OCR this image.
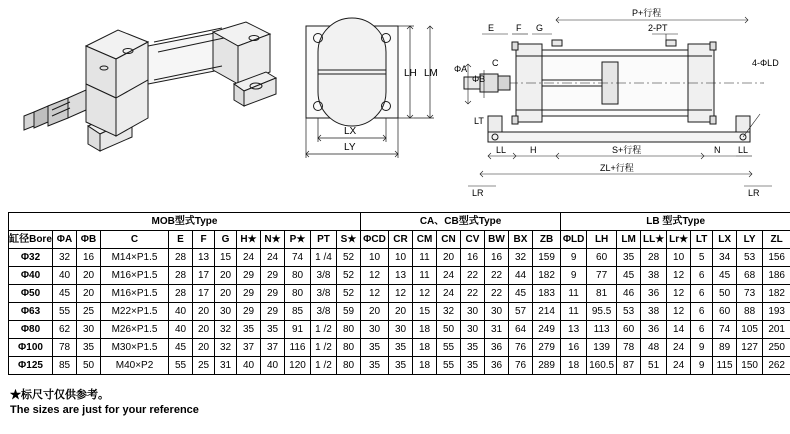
LH LM
LX
LY
P+行程
2-PT
E F G
ΦA
ΦB
C	4-ΦLD
LT
LL	H	S+行程	N LL
LR
ZL+行程
LR
MOB型式Type												CA、CB型式Type								LB 型式Type								
缸径Bore	ΦA	ΦB	C	E	F	G	H★	N★	P★	PT	S★	ΦCD	CR	CM	CN	CV	BW	BX	ZB	ΦLD	LH	LM	LL★	Lr★	LT	LX	LY	ZL
Φ32	32	16	M14×P1.5	28	13	15	24	24	74	1 /4	52	10	10	11	20	16	16	32	159	9	60	35	28	10	5	34	53	156
Φ40	40	20	M16×P1.5	28	17	20	29	29	80	3/8	52	12	13	11	24	22	22	44	182	9	77	45	38	12	6	45	68	186
Φ50	45	20	M16×P1.5	28	17	20	29	29	80	3/8	52	12	12	12	24	22	22	45	183	11	81	46	36	12	6	50	73	182
Φ63	55	25	M22×P1.5	40	20	30	29	29	85	3/8	59	20	20	15	32	30	30	57	214	11	95.5	53	38	12	6	60	88	193
Φ80	62	30	M26×P1.5	40	20	32	35	35	91	1 /2	80	30	30	18	50	30	31	64	249	13	113	60	36	14	6	74	105	201
Φ100	78	35	M30×P1.5	45	20	32	37	37	116	1 /2	80	35	35	18	55	35	36	76	279	16	139	78	48	24	9	89	127	250
Φ125	85	50	M40×P2	55	25	31	40	40	120	1 /2	80	35	35	18	55	35	36	76	289	18	160.5	87	51	24	9	115	150	262
★标尺寸仅供参考。
The sizes are just for your reference
